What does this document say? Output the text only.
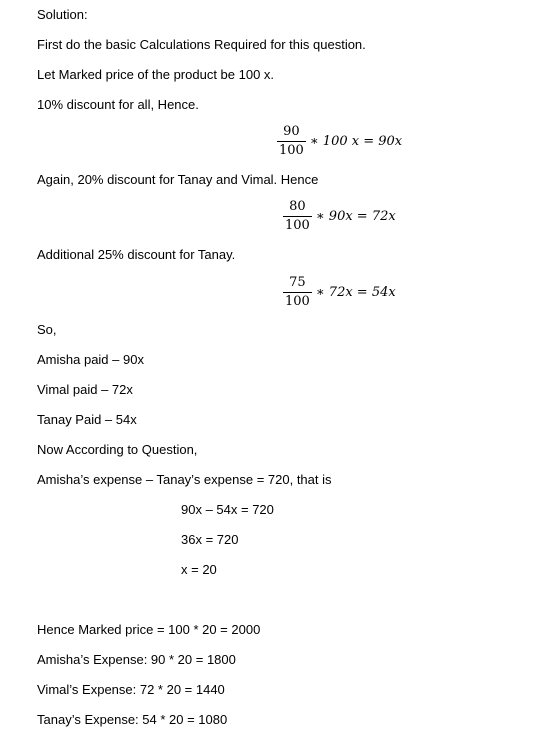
Solution:
First do the basic Calculations Required for this question.
Let Marked price of the product be 100 x.
10% discount for all, Hence.
$\frac{90}{100}$ ∗ 100 x = 90x
Again, 20% discount for Tanay and Vimal. Hence
$\frac{80}{100}$ ∗ 90x = 72x
Additional 25% discount for Tanay.
$\frac{75}{100}$ ∗ 72x = 54x
So,
Amisha paid – 90x
Vimal paid – 72x
Tanay Paid – 54x
Now According to Question,
Amisha’s expense – Tanay’s expense = 720, that is
90x – 54x = 720
36x = 720
x = 20
Hence Marked price = 100 * 20 = 2000
Amisha’s Expense: 90 * 20 = 1800
Vimal’s Expense: 72 * 20 = 1440
Tanay’s Expense: 54 * 20 = 1080
